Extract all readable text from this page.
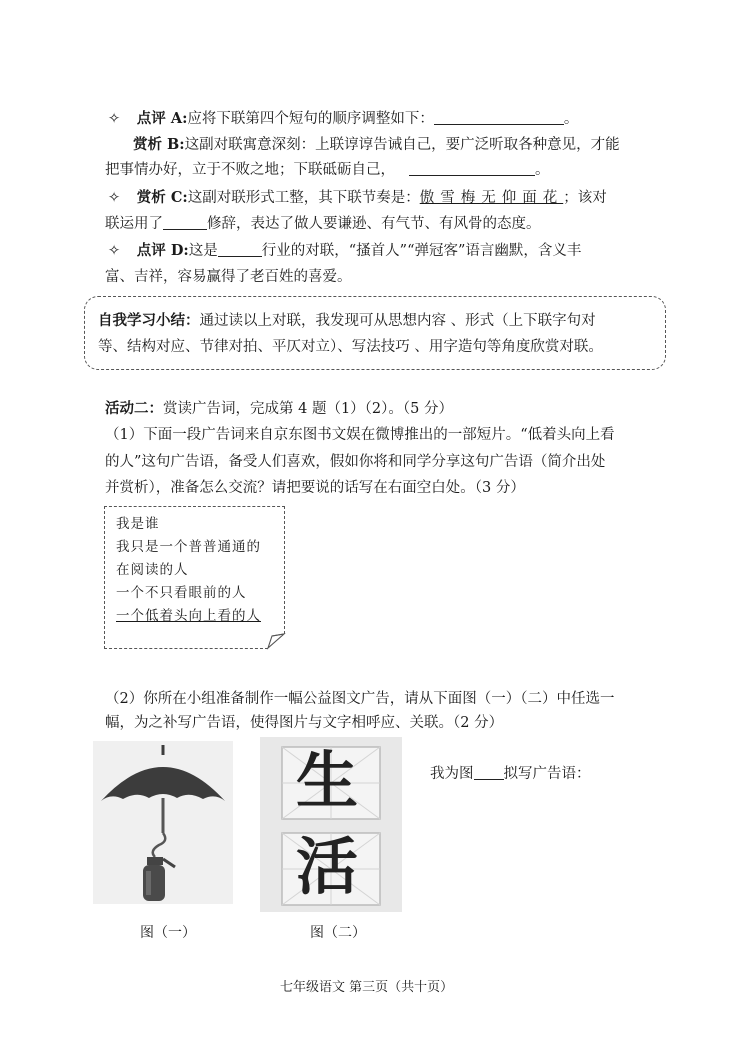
✧ 点评 A:应将下联第四个短句的顺序调整如下：	。
赏析 B:这副对联寓意深刻：上联谆谆告诫自己，要广泛听取各种意见，才能
把事情办好，立于不败之地；下联砥砺自己，	。
✧ 赏析 C:这副对联形式工整，其下联节奏是：傲雪梅无仰面花；该对
联运用了	修辞，表达了做人要谦逊、有气节、有风骨的态度。
✧ 点评 D:这是	行业的对联，“搔首人”“弹冠客”语言幽默，含义丰
富、吉祥，容易赢得了老百姓的喜爱。
自我学习小结：通过读以上对联，我发现可从思想内容 、形式（上下联字句对
等、结构对应、节律对拍、平仄对立）、写法技巧 、用字造句等角度欣赏对联。
活动二：赏读广告词，完成第 4 题（1）（2）。（5 分）
（1）下面一段广告词来自京东图书文娱在微博推出的一部短片。“低着头向上看
的人”这句广告语，备受人们喜欢，假如你将和同学分享这句广告语（简介出处
并赏析），准备怎么交流？请把要说的话写在右面空白处。（3 分）
我是谁
我只是一个普普通通的
在阅读的人
一个不只看眼前的人
一个低着头向上看的人
（2）你所在小组准备制作一幅公益图文广告，请从下面图（一）（二）中任选一
幅，为之补写广告语，使得图片与文字相呼应、关联。（2 分）
生
活
我为图 拟写广告语：
图（一）	图（二）
七年级语文 第三页（共十页）
